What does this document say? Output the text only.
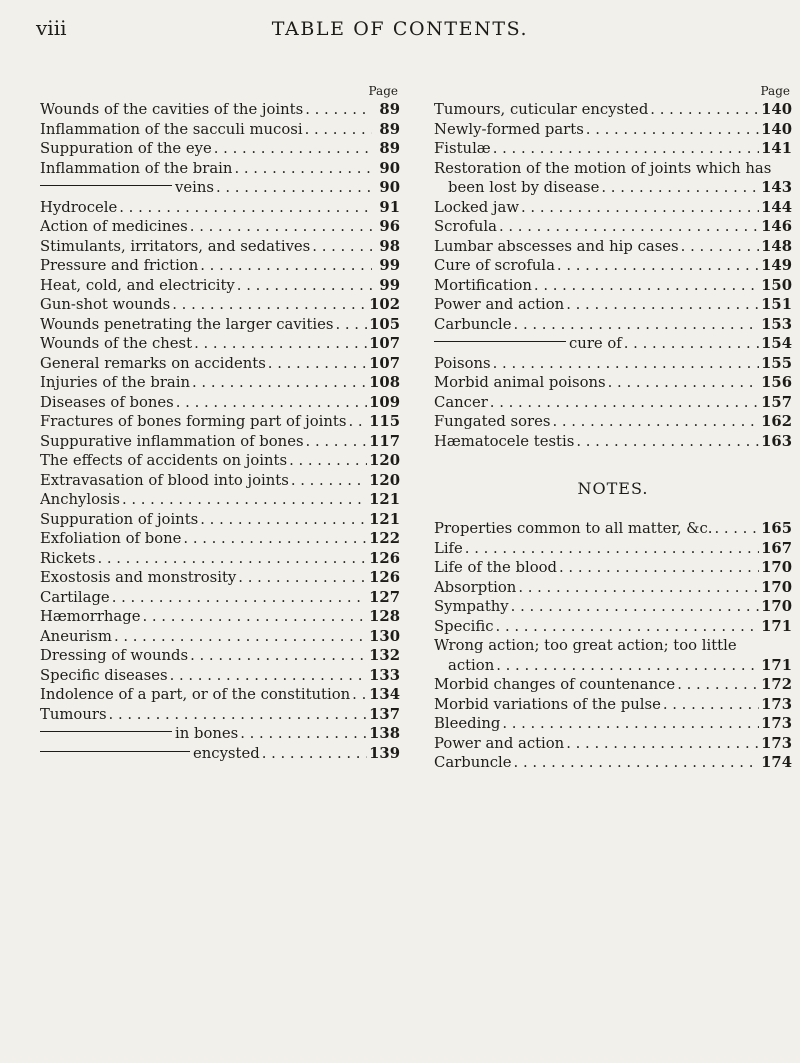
viii	TABLE OF CONTENTS.
Page
Wounds of the cavities of the joints . . .	89
Inflammation of the sacculi mucosi . . .	89
Suppuration of the eye . . .	89
Inflammation of the brain . . .	90
veins . . .	90
Hydrocele . . .	91
Action of medicines . . .	96
Stimulants, irritators, and sedatives . . .	98
Pressure and friction . . .	99
Heat, cold, and electricity . . .	99
Gun-shot wounds . . .	102
Wounds penetrating the larger cavities . . . 105
Wounds of the chest . . .	107
General remarks on accidents . . .	107
Injuries of the brain . . .	108
Diseases of bones . . .	109
Fractures of bones forming part of joints . . . 115
Suppurative inflammation of bones . . .	117
The effects of accidents on joints . . .	120
Extravasation of blood into joints . . .	120
Anchylosis . . .	121
Suppuration of joints . . .	121
Exfoliation of bone . . .	122
Rickets . . .	126
Exostosis and monstrosity . . .	126
Cartilage . . .	127
Hæmorrhage . . .	128
Aneurism . . .	130
Dressing of wounds . . .	132
Specific diseases . . .	133
Indolence of a part, or of the constitution . . . 134
Tumours . . .	137
in bones . . .	138
encysted . . .	139
Page
Tumours, cuticular encysted . . .	140
Newly-formed parts . . .	140
Fistulæ . . .	141
Restoration of the motion of joints which has
been lost by disease . . .	143
Locked jaw . . .	144
Scrofula . . .	146
Lumbar abscesses and hip cases . . .	148
Cure of scrofula . . .	149
Mortification . . .	150
Power and action . . .	151
Carbuncle . . .	153
cure of . . .	154
Poisons . . .	155
Morbid animal poisons . . .	156
Cancer . . .	157
Fungated sores . . .	162
Hæmatocele testis . . .	163
NOTES.
Properties common to all matter, &c. . . .	165
Life . . .	167
Life of the blood . . .	170
Absorption . . .	170
Sympathy . . .	170
Specific . . .	171
Wrong action; too great action; too little
action . . .	171
Morbid changes of countenance . . .	172
Morbid variations of the pulse . . .	173
Bleeding . . .	173
Power and action . . .	173
Carbuncle . . .	174
